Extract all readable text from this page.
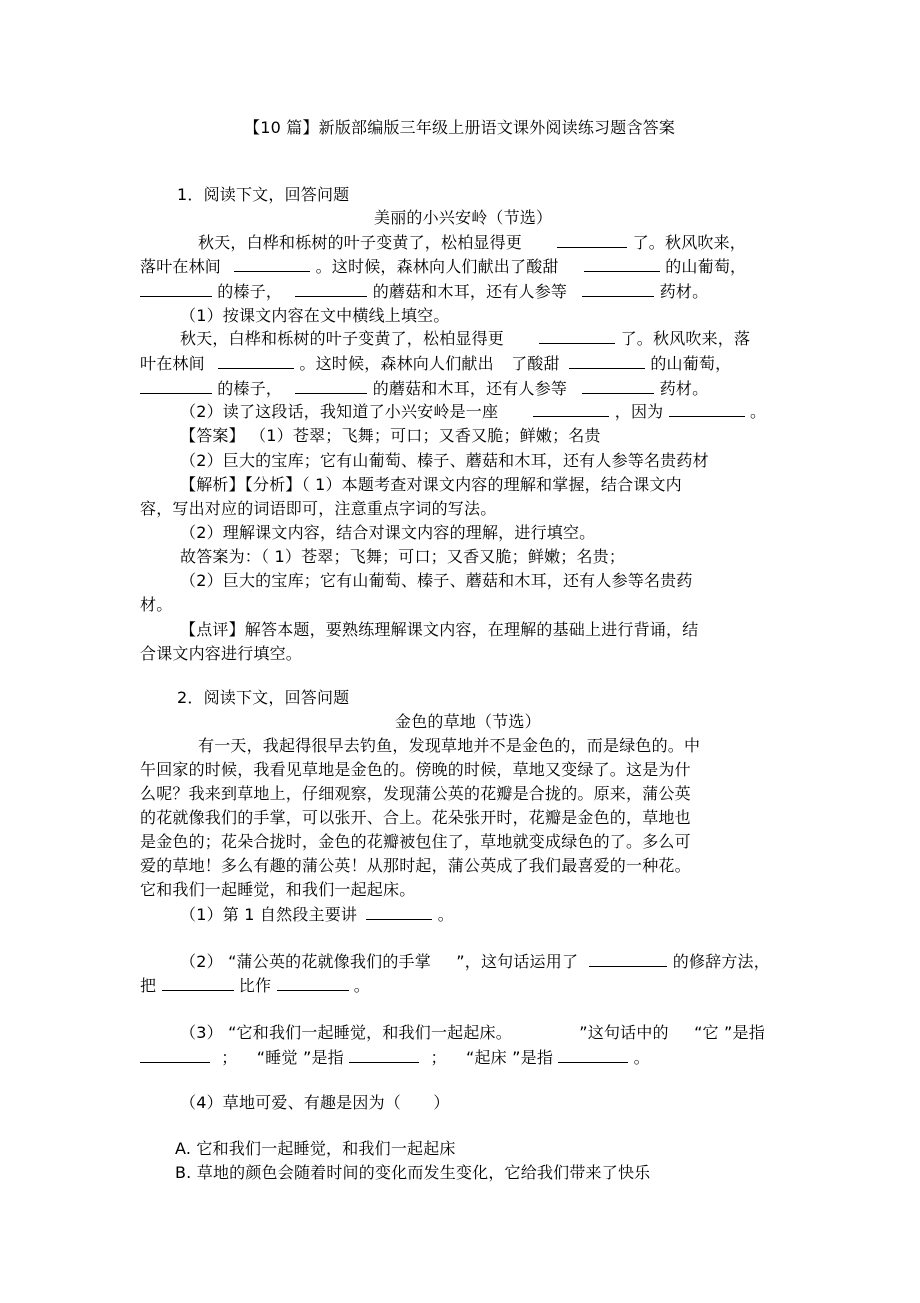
【10 篇】新版部编版三年级上册语文课外阅读练习题含答案
1．阅读下文，回答问题
美丽的小兴安岭（节选）
秋天，白桦和栎树的叶子变黄了，松柏显得更	了。秋风吹来，
落叶在林间	。这时候，森林向人们献出了酸甜	的山葡萄，
的榛子，	的蘑菇和木耳，还有人参等	药材。
（1）按课文内容在文中横线上填空。
秋天，白桦和栎树的叶子变黄了，松柏显得更	了。秋风吹来，落
叶在林间	。这时候，森林向人们献出 了酸甜	的山葡萄，
的榛子，	的蘑菇和木耳，还有人参等	药材。
（2）读了这段话，我知道了小兴安岭是一座	，因为	。
【答案】 （1）苍翠；飞舞；可口；又香又脆；鲜嫩；名贵
（2）巨大的宝库；它有山葡萄、榛子、蘑菇和木耳，还有人参等名贵药材
【解析】【分析】（ 1）本题考查对课文内容的理解和掌握，结合课文内
容，写出对应的词语即可，注意重点字词的写法。
（2）理解课文内容，结合对课文内容的理解，进行填空。
故答案为：（ 1）苍翠；飞舞；可口；又香又脆；鲜嫩；名贵；
（2）巨大的宝库；它有山葡萄、榛子、蘑菇和木耳，还有人参等名贵药
材。
【点评】解答本题，要熟练理解课文内容，在理解的基础上进行背诵，结
合课文内容进行填空。
2．阅读下文，回答问题
金色的草地（节选）
有一天，我起得很早去钓鱼，发现草地并不是金色的，而是绿色的。中
午回家的时候，我看见草地是金色的。傍晚的时候，草地又变绿了。这是为什
么呢？我来到草地上，仔细观察，发现蒲公英的花瓣是合拢的。原来，蒲公英
的花就像我们的手掌，可以张开、合上。花朵张开时，花瓣是金色的，草地也
是金色的；花朵合拢时，金色的花瓣被包住了，草地就变成绿色的了。多么可
爱的草地！多么有趣的蒲公英！从那时起，蒲公英成了我们最喜爱的一种花。
它和我们一起睡觉，和我们一起起床。
（1）第 1 自然段主要讲	。
（2） “蒲公英的花就像我们的手掌 ”，这句话运用了	的修辞方法，
把	比作	。
（3） “它和我们一起睡觉，和我们一起起床。	”这句话中的 “它 ”是指
； “睡觉 ”是指	； “起床 ”是指	。
（4）草地可爱、有趣是因为（　　）
A. 它和我们一起睡觉，和我们一起起床
B. 草地的颜色会随着时间的变化而发生变化，它给我们带来了快乐
